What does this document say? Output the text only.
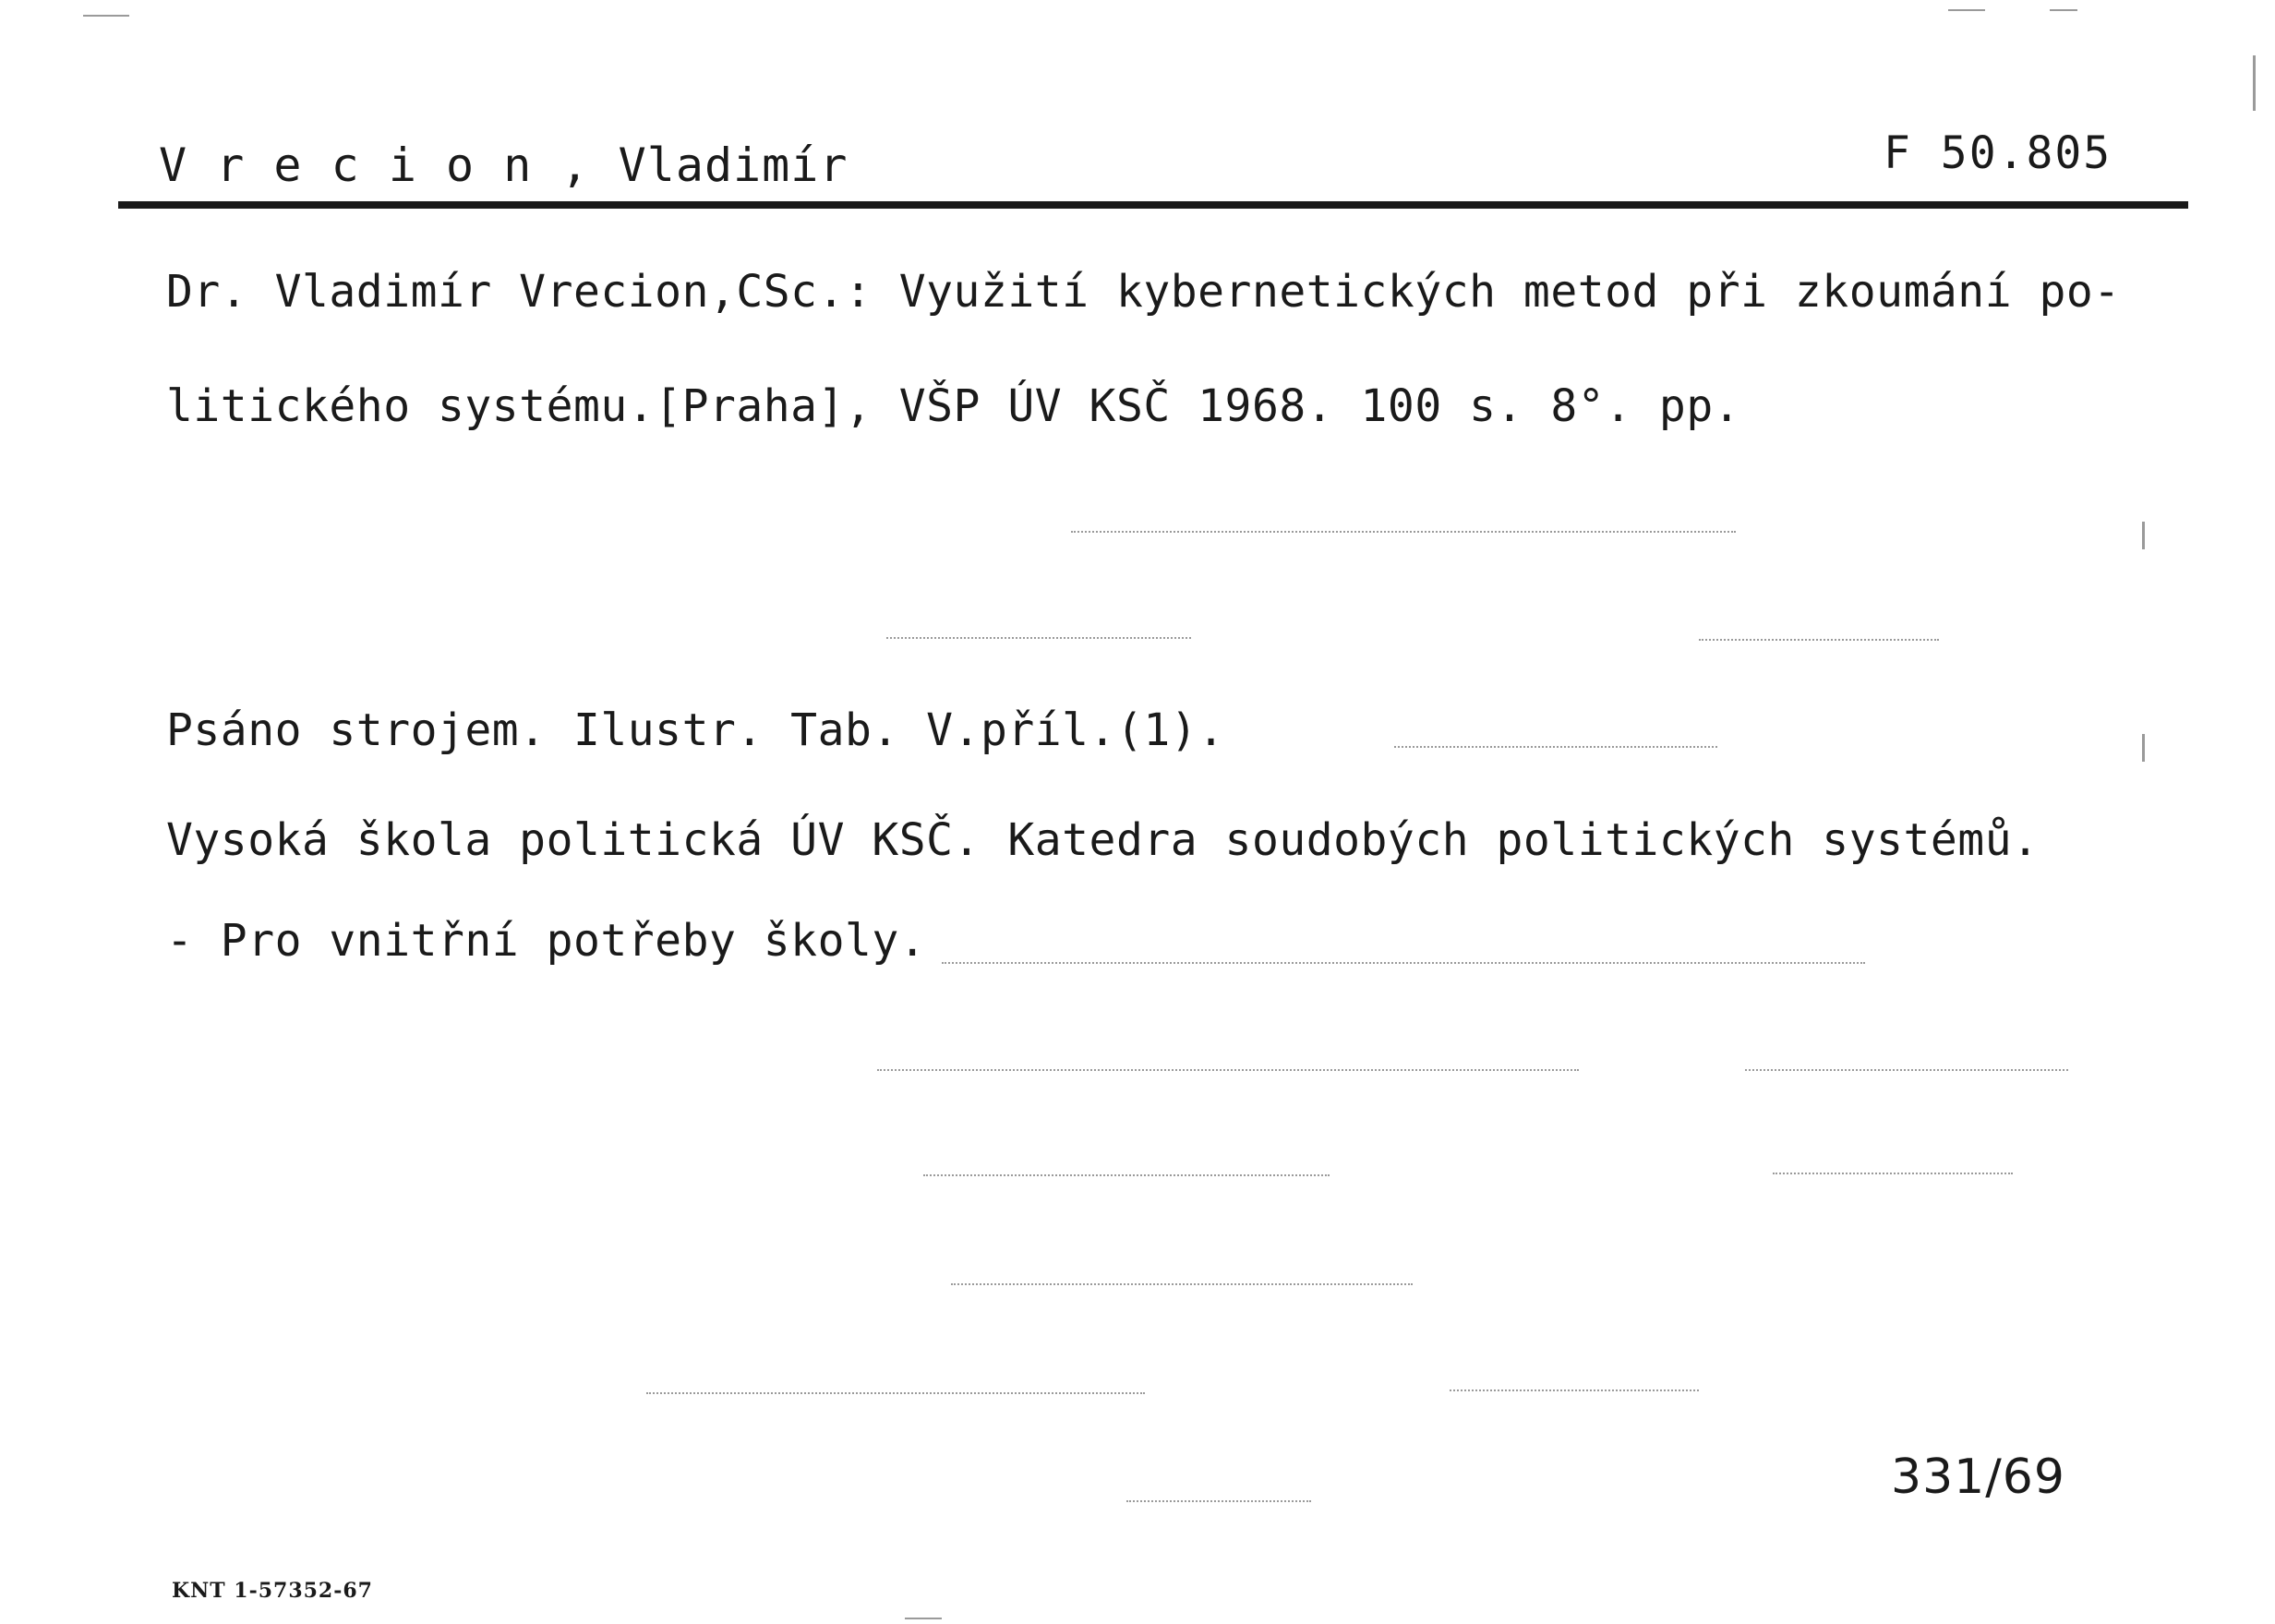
V r e c i o n , Vladimír	F 50.805
Dr. Vladimír Vrecion,CSc.: Využití kybernetických metod při zkoumání po-
litického systému.[Praha], VŠP ÚV KSČ 1968. 100 s. 8°. pp.
Psáno strojem. Ilustr. Tab. V.příl.(1).
Vysoká škola politická ÚV KSČ. Katedra soudobých politických systémů.
- Pro vnitřní potřeby školy.
331/69
KNT 1-57352-67
